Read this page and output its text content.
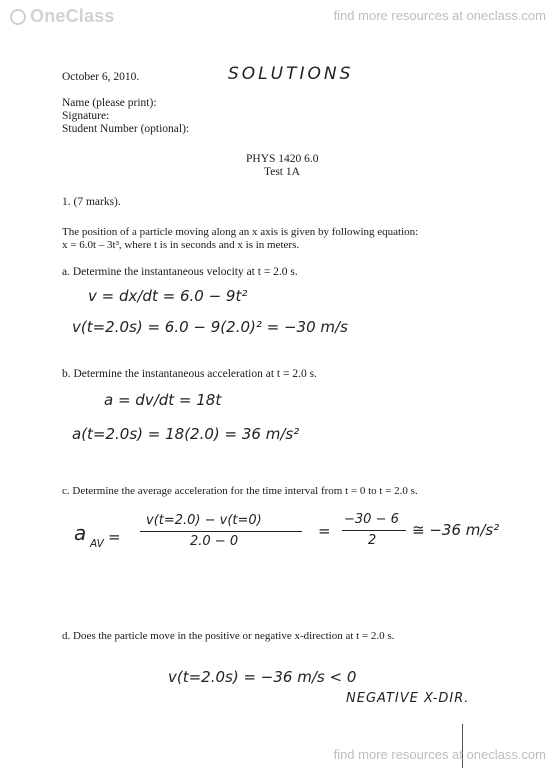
OneClass	find more resources at oneclass.com
October 6, 2010.	SOLUTIONS
Name (please print):
Signature:
Student Number (optional):
PHYS 1420 6.0
Test 1A
1. (7 marks).
The position of a particle moving along an x axis is given by following equation:
x = 6.0t – 3t³, where t is in seconds and x is in meters.
a. Determine the instantaneous velocity at t = 2.0 s.
v = dx/dt = 6.0 − 9t²
v(t=2.0s) = 6.0 − 9(2.0)² = −30 m/s
b. Determine the instantaneous acceleration at t = 2.0 s.
a = dv/dt = 18t
a(t=2.0s) = 18(2.0) = 36 m/s²
c. Determine the average acceleration for the time interval from t = 0 to t = 2.0 s.
a AV =
v(t=2.0) − v(t=0)
2.0 − 0
=
−30 − 6
2
≅ −36 m/s²
d. Does the particle move in the positive or negative x-direction at t = 2.0 s.
v(t=2.0s) = −36 m/s < 0
NEGATIVE X-DIR.
find more resources at oneclass.com
